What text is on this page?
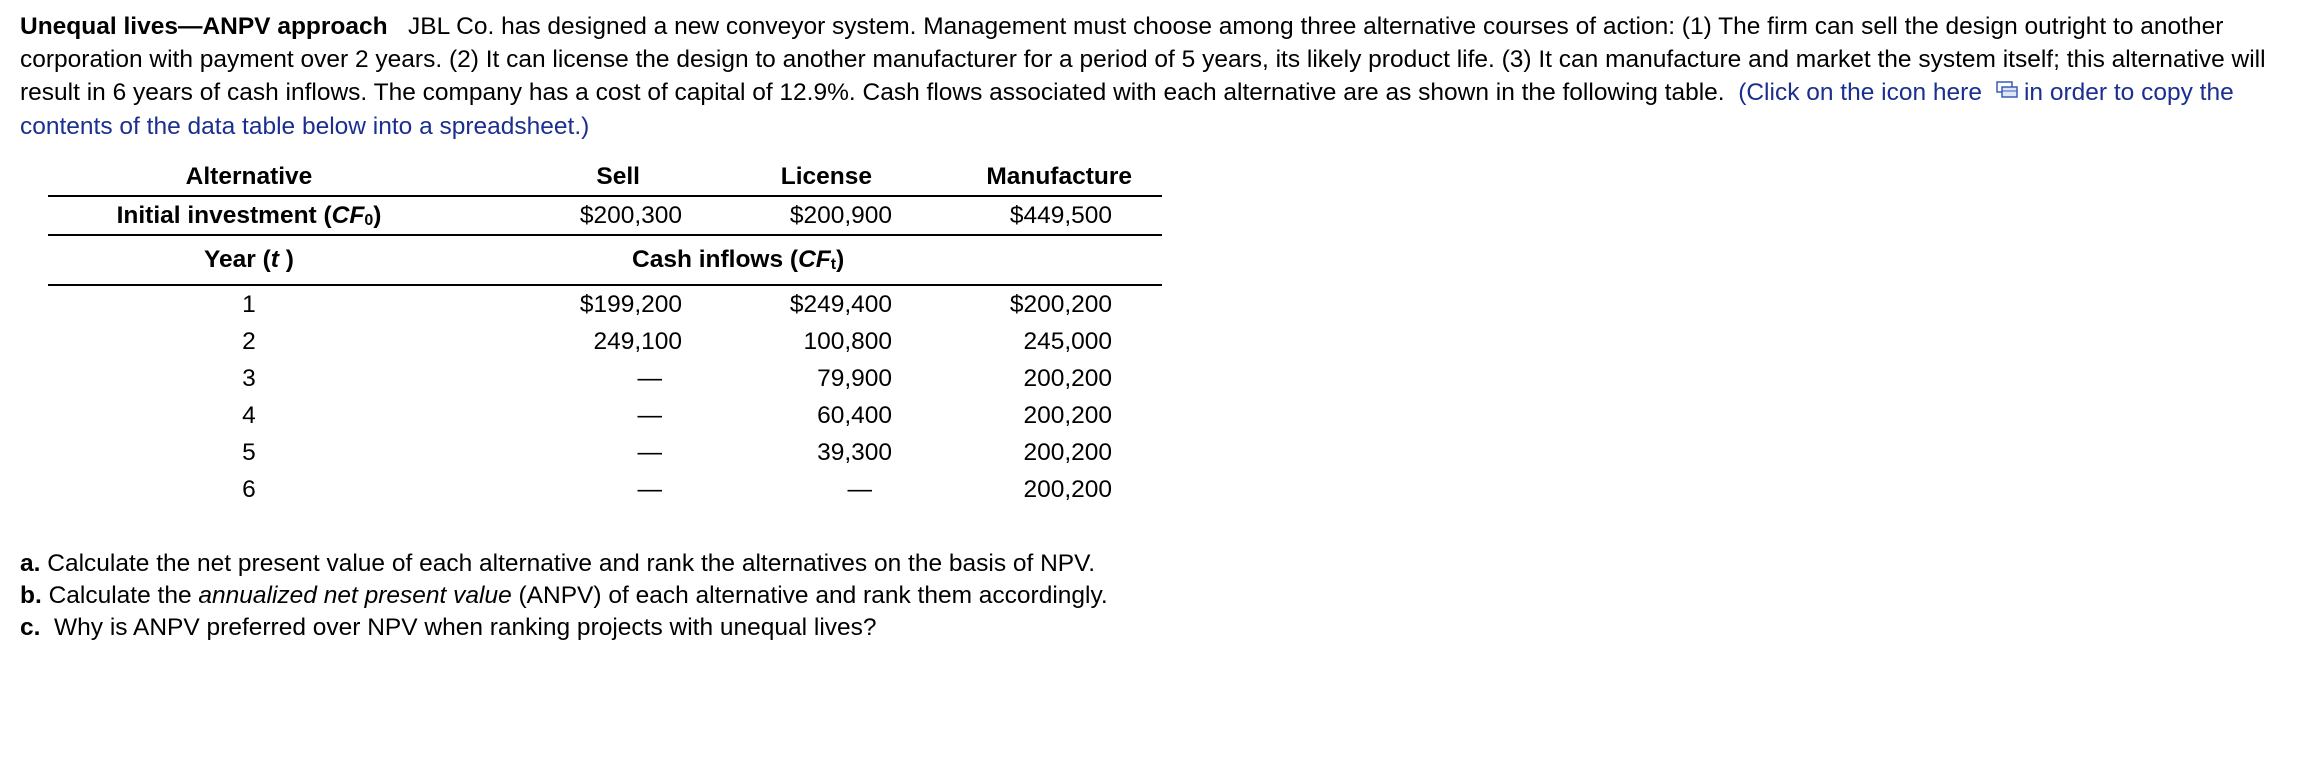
Unequal lives—ANPV approach JBL Co. has designed a new conveyor system. Management must choose among three alternative courses of action: (1) The firm can sell the design outright to another corporation with payment over 2 years. (2) It can license the design to another manufacturer for a period of 5 years, its likely product life. (3) It can manufacture and market the system itself; this alternative will result in 6 years of cash inflows. The company has a cost of capital of 12.9%. Cash flows associated with each alternative are as shown in the following table. (Click on the icon here in order to copy the contents of the data table below into a spreadsheet.)

Alternative	Sell	License	Manufacture
Initial investment $(CF_0)$	$200,300	$200,900	$449,500
Year (t )	Cash inflows $(CF_t)$		
1	$199,200	$249,400	$200,200
2	249,100	100,800	245,000
3	—	79,900	200,200
4	—	60,400	200,200
5	—	39,300	200,200
6	—	—	200,200

a. Calculate the net present value of each alternative and rank the alternatives on the basis of NPV.

b. Calculate the annualized net present value (ANPV) of each alternative and rank them accordingly.

c.  Why is ANPV preferred over NPV when ranking projects with unequal lives?
